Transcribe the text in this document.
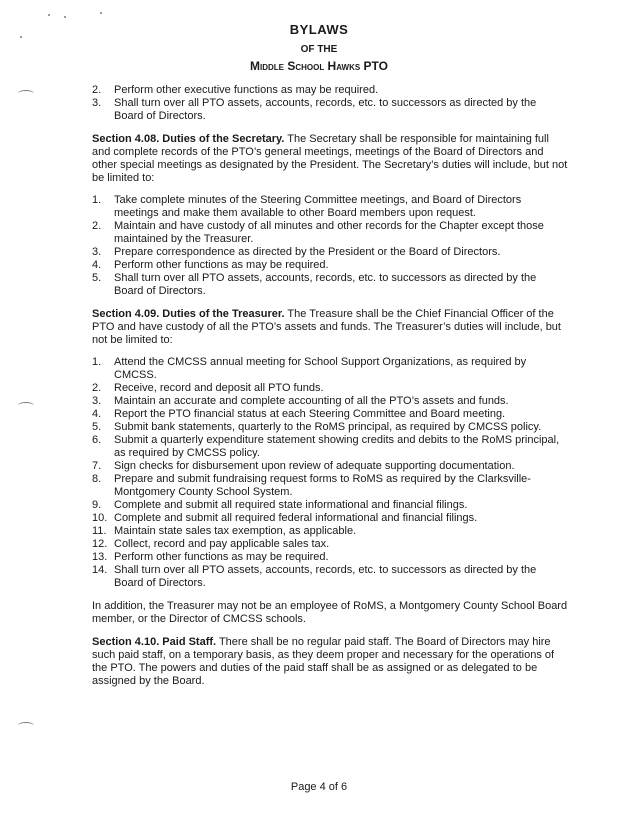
BYLAWS
OF THE
Middle School Hawks PTO
2. Perform other executive functions as may be required.
3. Shall turn over all PTO assets, accounts, records, etc. to successors as directed by the Board of Directors.

Section 4.08. Duties of the Secretary. The Secretary shall be responsible for maintaining full and complete records of the PTO’s general meetings, meetings of the Board of Directors and other special meetings as designated by the President. The Secretary’s duties will include, but not be limited to:

1. Take complete minutes of the Steering Committee meetings, and Board of Directors meetings and make them available to other Board members upon request.
2. Maintain and have custody of all minutes and other records for the Chapter except those maintained by the Treasurer.
3. Prepare correspondence as directed by the President or the Board of Directors.
4. Perform other functions as may be required.
5. Shall turn over all PTO assets, accounts, records, etc. to successors as directed by the Board of Directors.

Section 4.09. Duties of the Treasurer. The Treasure shall be the Chief Financial Officer of the PTO and have custody of all the PTO’s assets and funds. The Treasurer’s duties will include, but not be limited to:

1. Attend the CMCSS annual meeting for School Support Organizations, as required by CMCSS.
2. Receive, record and deposit all PTO funds.
3. Maintain an accurate and complete accounting of all the PTO’s assets and funds.
4. Report the PTO financial status at each Steering Committee and Board meeting.
5. Submit bank statements, quarterly to the RoMS principal, as required by CMCSS policy.
6. Submit a quarterly expenditure statement showing credits and debits to the RoMS principal, as required by CMCSS policy.
7. Sign checks for disbursement upon review of adequate supporting documentation.
8. Prepare and submit fundraising request forms to RoMS as required by the Clarksville-Montgomery County School System.
9. Complete and submit all required state informational and financial filings.
10. Complete and submit all required federal informational and financial filings.
11. Maintain state sales tax exemption, as applicable.
12. Collect, record and pay applicable sales tax.
13. Perform other functions as may be required.
14. Shall turn over all PTO assets, accounts, records, etc. to successors as directed by the Board of Directors.

In addition, the Treasurer may not be an employee of RoMS, a Montgomery County School Board member, or the Director of CMCSS schools.

Section 4.10. Paid Staff. There shall be no regular paid staff. The Board of Directors may hire such paid staff, on a temporary basis, as they deem proper and necessary for the operations of the PTO. The powers and duties of the paid staff shall be as assigned or as delegated to be assigned by the Board.

Page 4 of 6
